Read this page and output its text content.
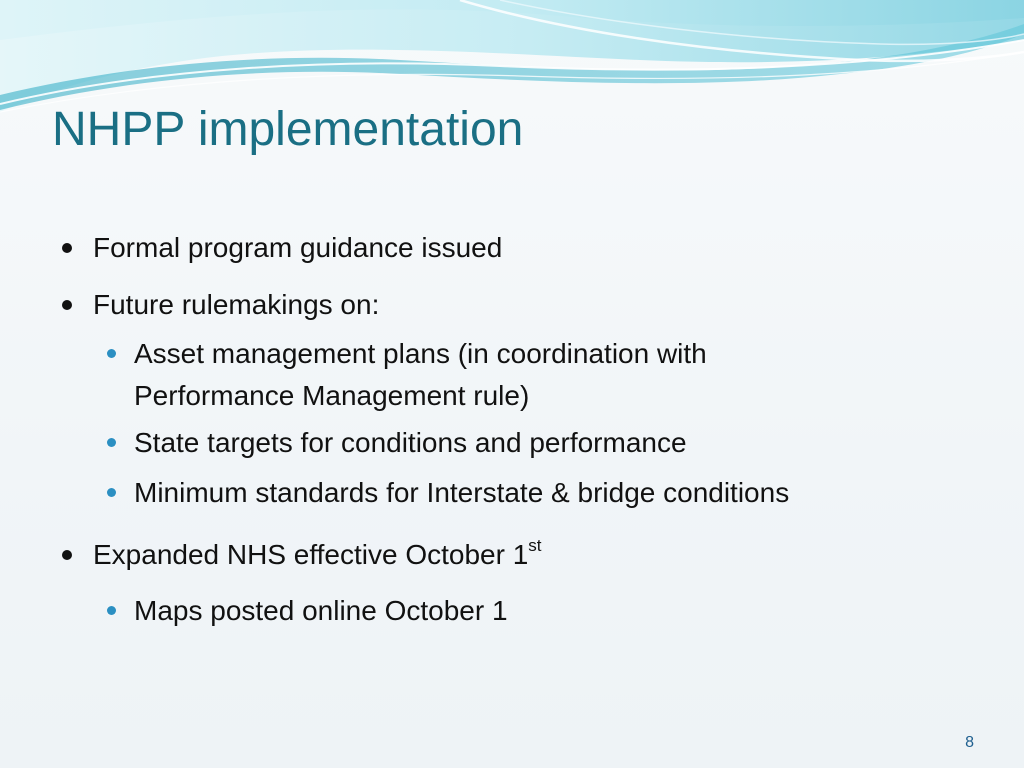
NHPP implementation
Formal program guidance issued
Future rulemakings on:
Asset management plans (in coordination with
Performance Management rule)
State targets for conditions and performance
Minimum standards for Interstate & bridge conditions
Expanded NHS effective October 1st
Maps posted online October 1
8
